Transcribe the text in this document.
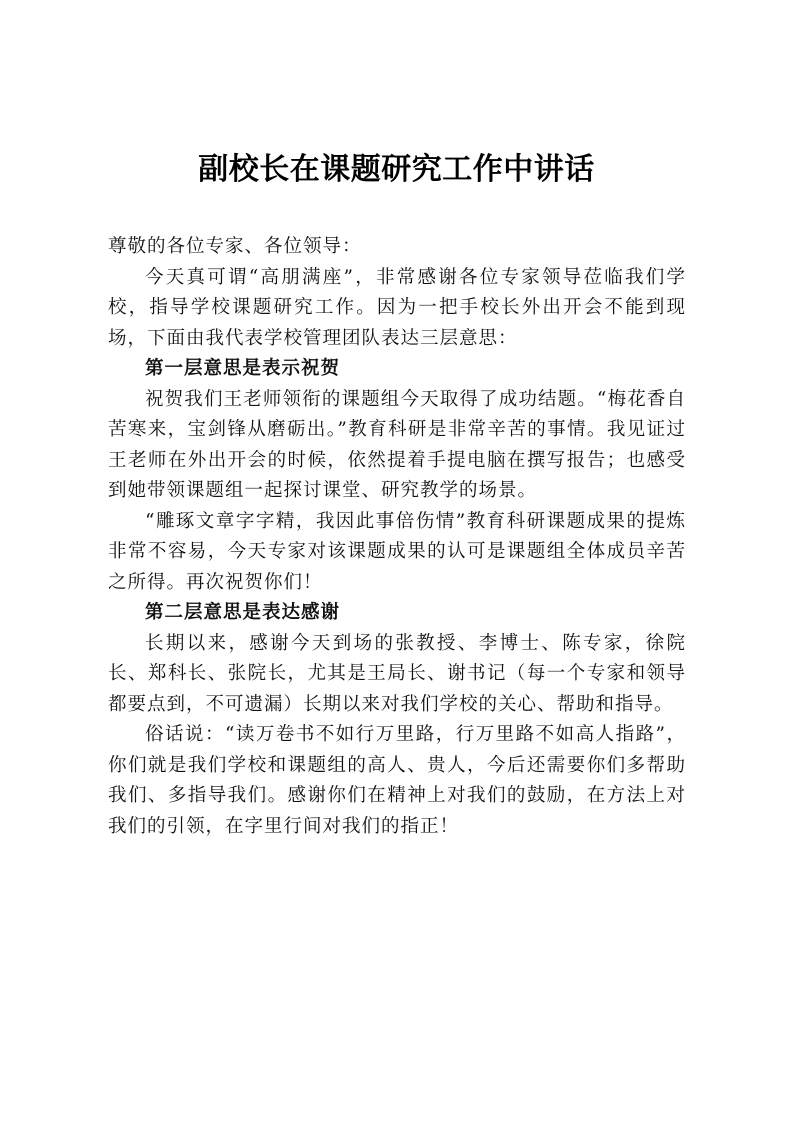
副校长在课题研究工作中讲话

尊敬的各位专家、各位领导：

今天真可谓“高朋满座”，非常感谢各位专家领导莅临我们学校，指导学校课题研究工作。因为一把手校长外出开会不能到现场，下面由我代表学校管理团队表达三层意思：

第一层意思是表示祝贺

祝贺我们王老师领衔的课题组今天取得了成功结题。“梅花香自苦寒来，宝剑锋从磨砺出。”教育科研是非常辛苦的事情。我见证过王老师在外出开会的时候，依然提着手提电脑在撰写报告；也感受到她带领课题组一起探讨课堂、研究教学的场景。

“雕琢文章字字精，我因此事倍伤情”教育科研课题成果的提炼非常不容易，今天专家对该课题成果的认可是课题组全体成员辛苦之所得。再次祝贺你们！

第二层意思是表达感谢

长期以来，感谢今天到场的张教授、李博士、陈专家，徐院长、郑科长、张院长，尤其是王局长、谢书记（每一个专家和领导都要点到，不可遗漏）长期以来对我们学校的关心、帮助和指导。

俗话说：“读万卷书不如行万里路，行万里路不如高人指路”，你们就是我们学校和课题组的高人、贵人，今后还需要你们多帮助我们、多指导我们。感谢你们在精神上对我们的鼓励，在方法上对我们的引领，在字里行间对我们的指正！
